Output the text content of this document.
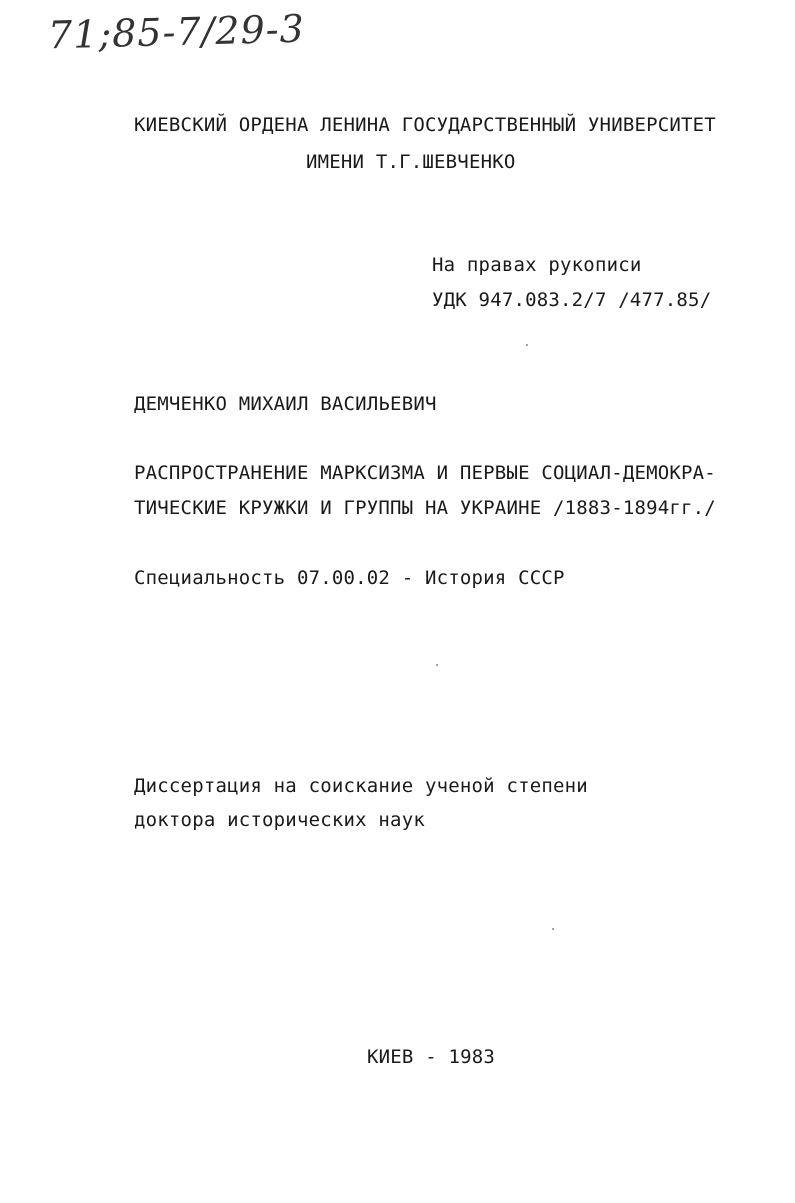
71;85-7/29-3
КИЕВСКИЙ ОРДЕНА ЛЕНИНА ГОСУДАРСТВЕННЫЙ УНИВЕРСИТЕТ
ИМЕНИ Т.Г.ШЕВЧЕНКО
На правах рукописи
УДК 947.083.2/7 /477.85/
ДЕМЧЕНКО МИХАИЛ ВАСИЛЬЕВИЧ
РАСПРОСТРАНЕНИЕ МАРКСИЗМА И ПЕРВЫЕ СОЦИАЛ-ДЕМОКРА-
ТИЧЕСКИЕ КРУЖКИ И ГРУППЫ НА УКРАИНЕ /1883-1894гг./
Специальность 07.00.02 - История СССР
Диссертация на соискание ученой степени
доктора исторических наук
КИЕВ - 1983
